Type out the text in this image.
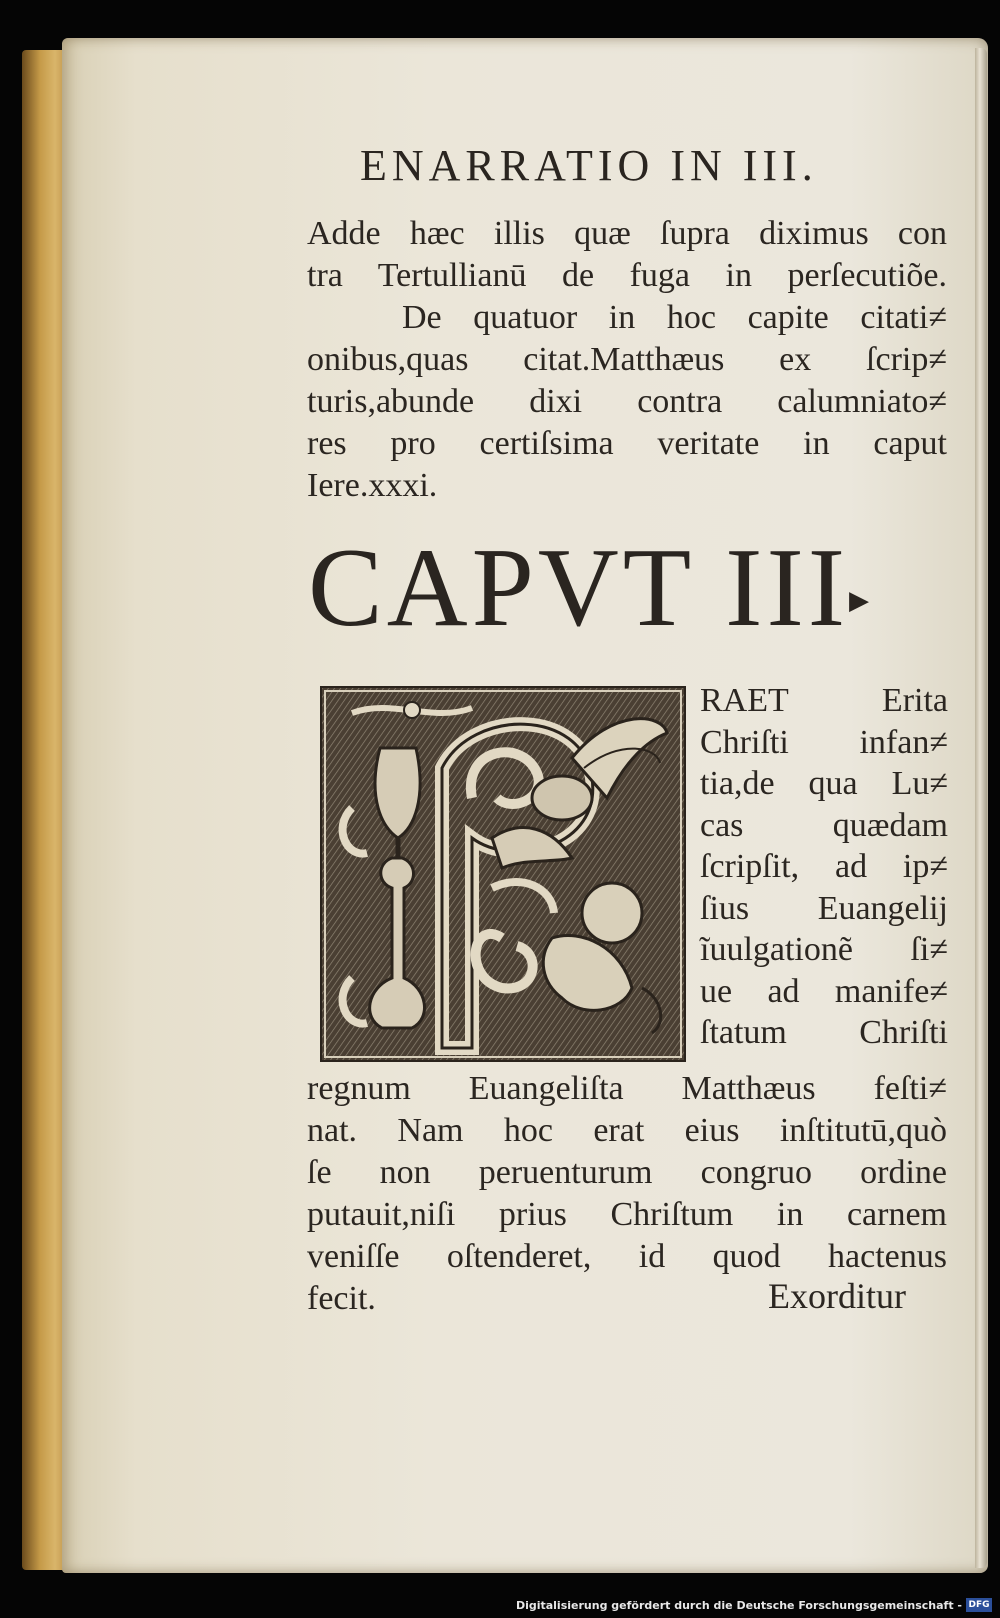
ENARRATIO IN III.
Adde hæc illis quæ ſupra diximus con
tra Tertullianū de fuga in perſecutiõe.
De quatuor in hoc capite citati≠
onibus,quas citat.Matthæus ex ſcrip≠
turis,abunde dixi contra calumniato≠
res pro certiſsima veritate in caput
Iere.xxxi.
CAPVT III▸
RAET Erita
Chriſti infan≠
tia,de qua Lu≠
cas quædam
ſcripſit, ad ip≠
ſius Euangelij
ĩuulgationẽ ſi≠
ue ad manife≠
ſtatum Chriſti
regnum Euangeliſta Matthæus feſti≠
nat. Nam hoc erat eius inſtitutū,quò
ſe non peruenturum congruo ordine
putauit,niſi prius Chriſtum in carnem
veniſſe oſtenderet, id quod hactenus
fecit.	Exorditur
Digitalisierung gefördert durch die Deutsche Forschungsgemeinschaft - DFG
